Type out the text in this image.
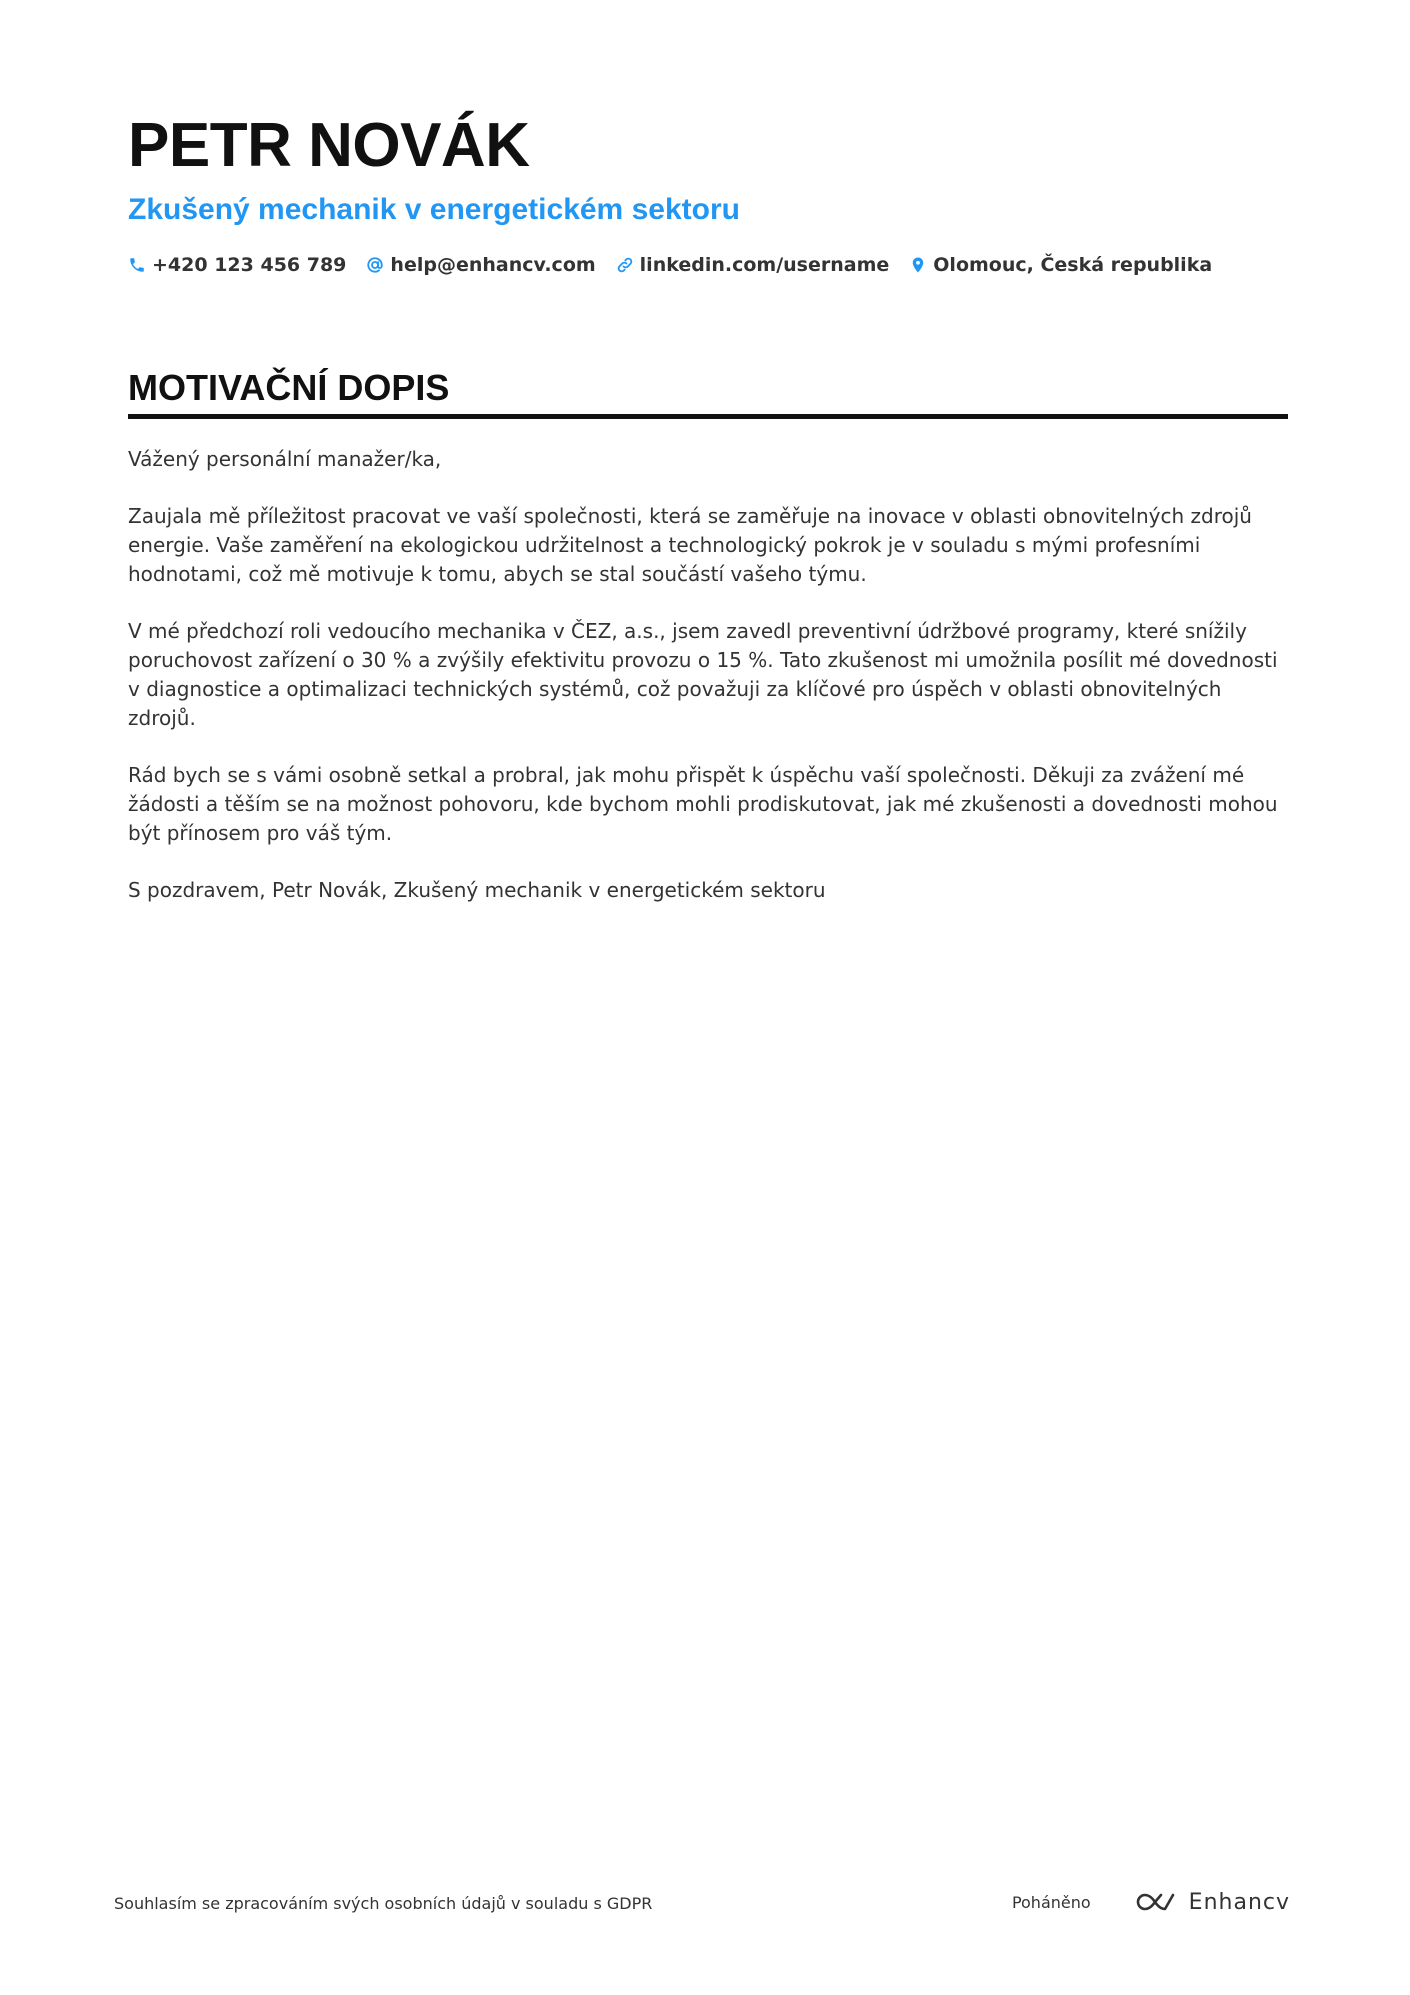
PETR NOVÁK
Zkušený mechanik v energetickém sektoru
+420 123 456 789 help@enhancv.com linkedin.com/username Olomouc, Česká republika
MOTIVAČNÍ DOPIS

Vážený personální manažer/ka,

Zaujala mě příležitost pracovat ve vaší společnosti, která se zaměřuje na inovace v oblasti obnovitelných zdrojů energie. Vaše zaměření na ekologickou udržitelnost a technologický pokrok je v souladu s mými profesními hodnotami, což mě motivuje k tomu, abych se stal součástí vašeho týmu.

V mé předchozí roli vedoucího mechanika v ČEZ, a.s., jsem zavedl preventivní údržbové programy, které snížily poruchovost zařízení o 30 % a zvýšily efektivitu provozu o 15 %. Tato zkušenost mi umožnila posílit mé dovednosti v diagnostice a optimalizaci technických systémů, což považuji za klíčové pro úspěch v oblasti obnovitelných zdrojů.

Rád bych se s vámi osobně setkal a probral, jak mohu přispět k úspěchu vaší společnosti. Děkuji za zvážení mé žádosti a těším se na možnost pohovoru, kde bychom mohli prodiskutovat, jak mé zkušenosti a dovednosti mohou být přínosem pro váš tým.

S pozdravem, Petr Novák, Zkušený mechanik v energetickém sektoru

Souhlasím se zpracováním svých osobních údajů v souladu s GDPR	Poháněno	Enhancv
